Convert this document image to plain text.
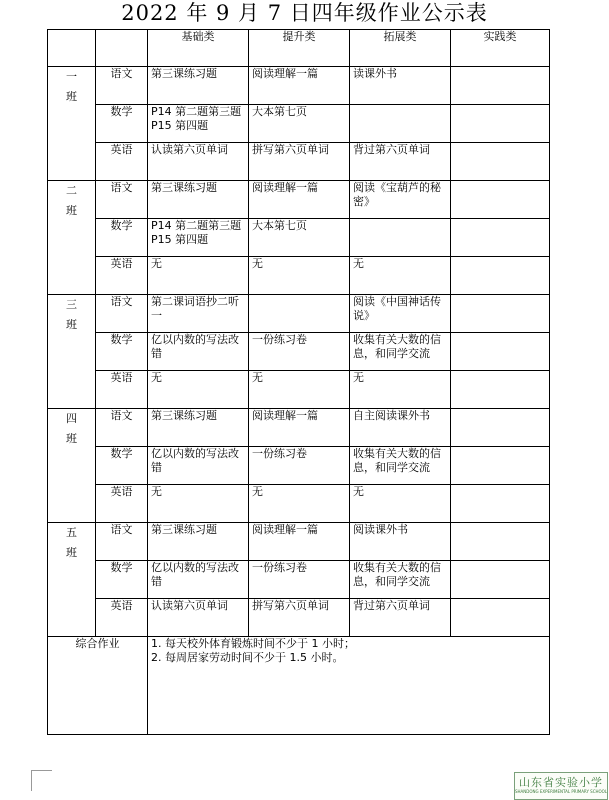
2022 年 9 月 7 日四年级作业公示表
		基础类	提升类	拓展类	实践类
一班	语文	第三课练习题	阅读理解一篇	读课外书	
	数学	P14 第二题第三题 P15 第四题	大本第七页		
	英语	认读第六页单词	拼写第六页单词	背过第六页单词	
二班	语文	第三课练习题	阅读理解一篇	阅读《宝葫芦的秘密》	
	数学	P14 第二题第三题 P15 第四题	大本第七页		
	英语	无	无	无	
三班	语文	第二课词语抄二听一		阅读《中国神话传说》	
	数学	亿以内数的写法改错	一份练习卷	收集有关大数的信息，和同学交流	
	英语	无	无	无	
四班	语文	第三课练习题	阅读理解一篇	自主阅读课外书	
	数学	亿以内数的写法改错	一份练习卷	收集有关大数的信息，和同学交流	
	英语	无	无	无	
五班	语文	第三课练习题	阅读理解一篇	阅读课外书	
	数学	亿以内数的写法改错	一份练习卷	收集有关大数的信息，和同学交流	
	英语	认读第六页单词	拼写第六页单词	背过第六页单词	
综合作业		1. 每天校外体育锻炼时间不少于 1 小时；
2. 每周居家劳动时间不少于 1.5 小时。			
山东省实验小学
SHANDONG EXPERIMENTAL PRIMARY SCHOOL
